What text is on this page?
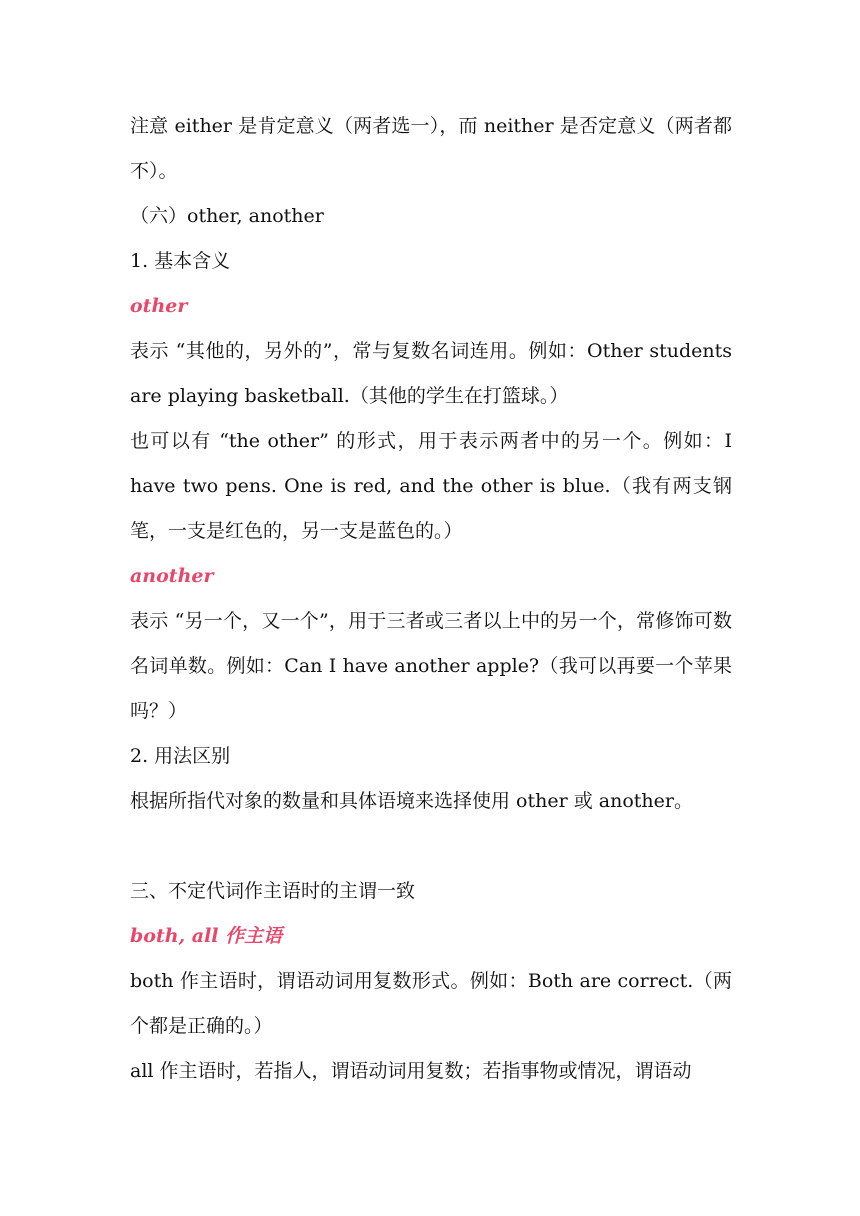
注意 either 是肯定意义（两者选一），而 neither 是否定意义（两者都不）。

（六）other, another

1. 基本含义

other

表示 “其他的，另外的”，常与复数名词连用。例如：Other students are playing basketball.（其他的学生在打篮球。）

也可以有 “the other” 的形式，用于表示两者中的另一个。例如：I have two pens. One is red, and the other is blue.（我有两支钢笔，一支是红色的，另一支是蓝色的。）

another

表示 “另一个，又一个”，用于三者或三者以上中的另一个，常修饰可数名词单数。例如：Can I have another apple?（我可以再要一个苹果吗？）

2. 用法区别

根据所指代对象的数量和具体语境来选择使用 other 或 another。

三、不定代词作主语时的主谓一致

both, all 作主语

both 作主语时，谓语动词用复数形式。例如：Both are correct.（两个都是正确的。）

all 作主语时，若指人，谓语动词用复数；若指事物或情况，谓语动
